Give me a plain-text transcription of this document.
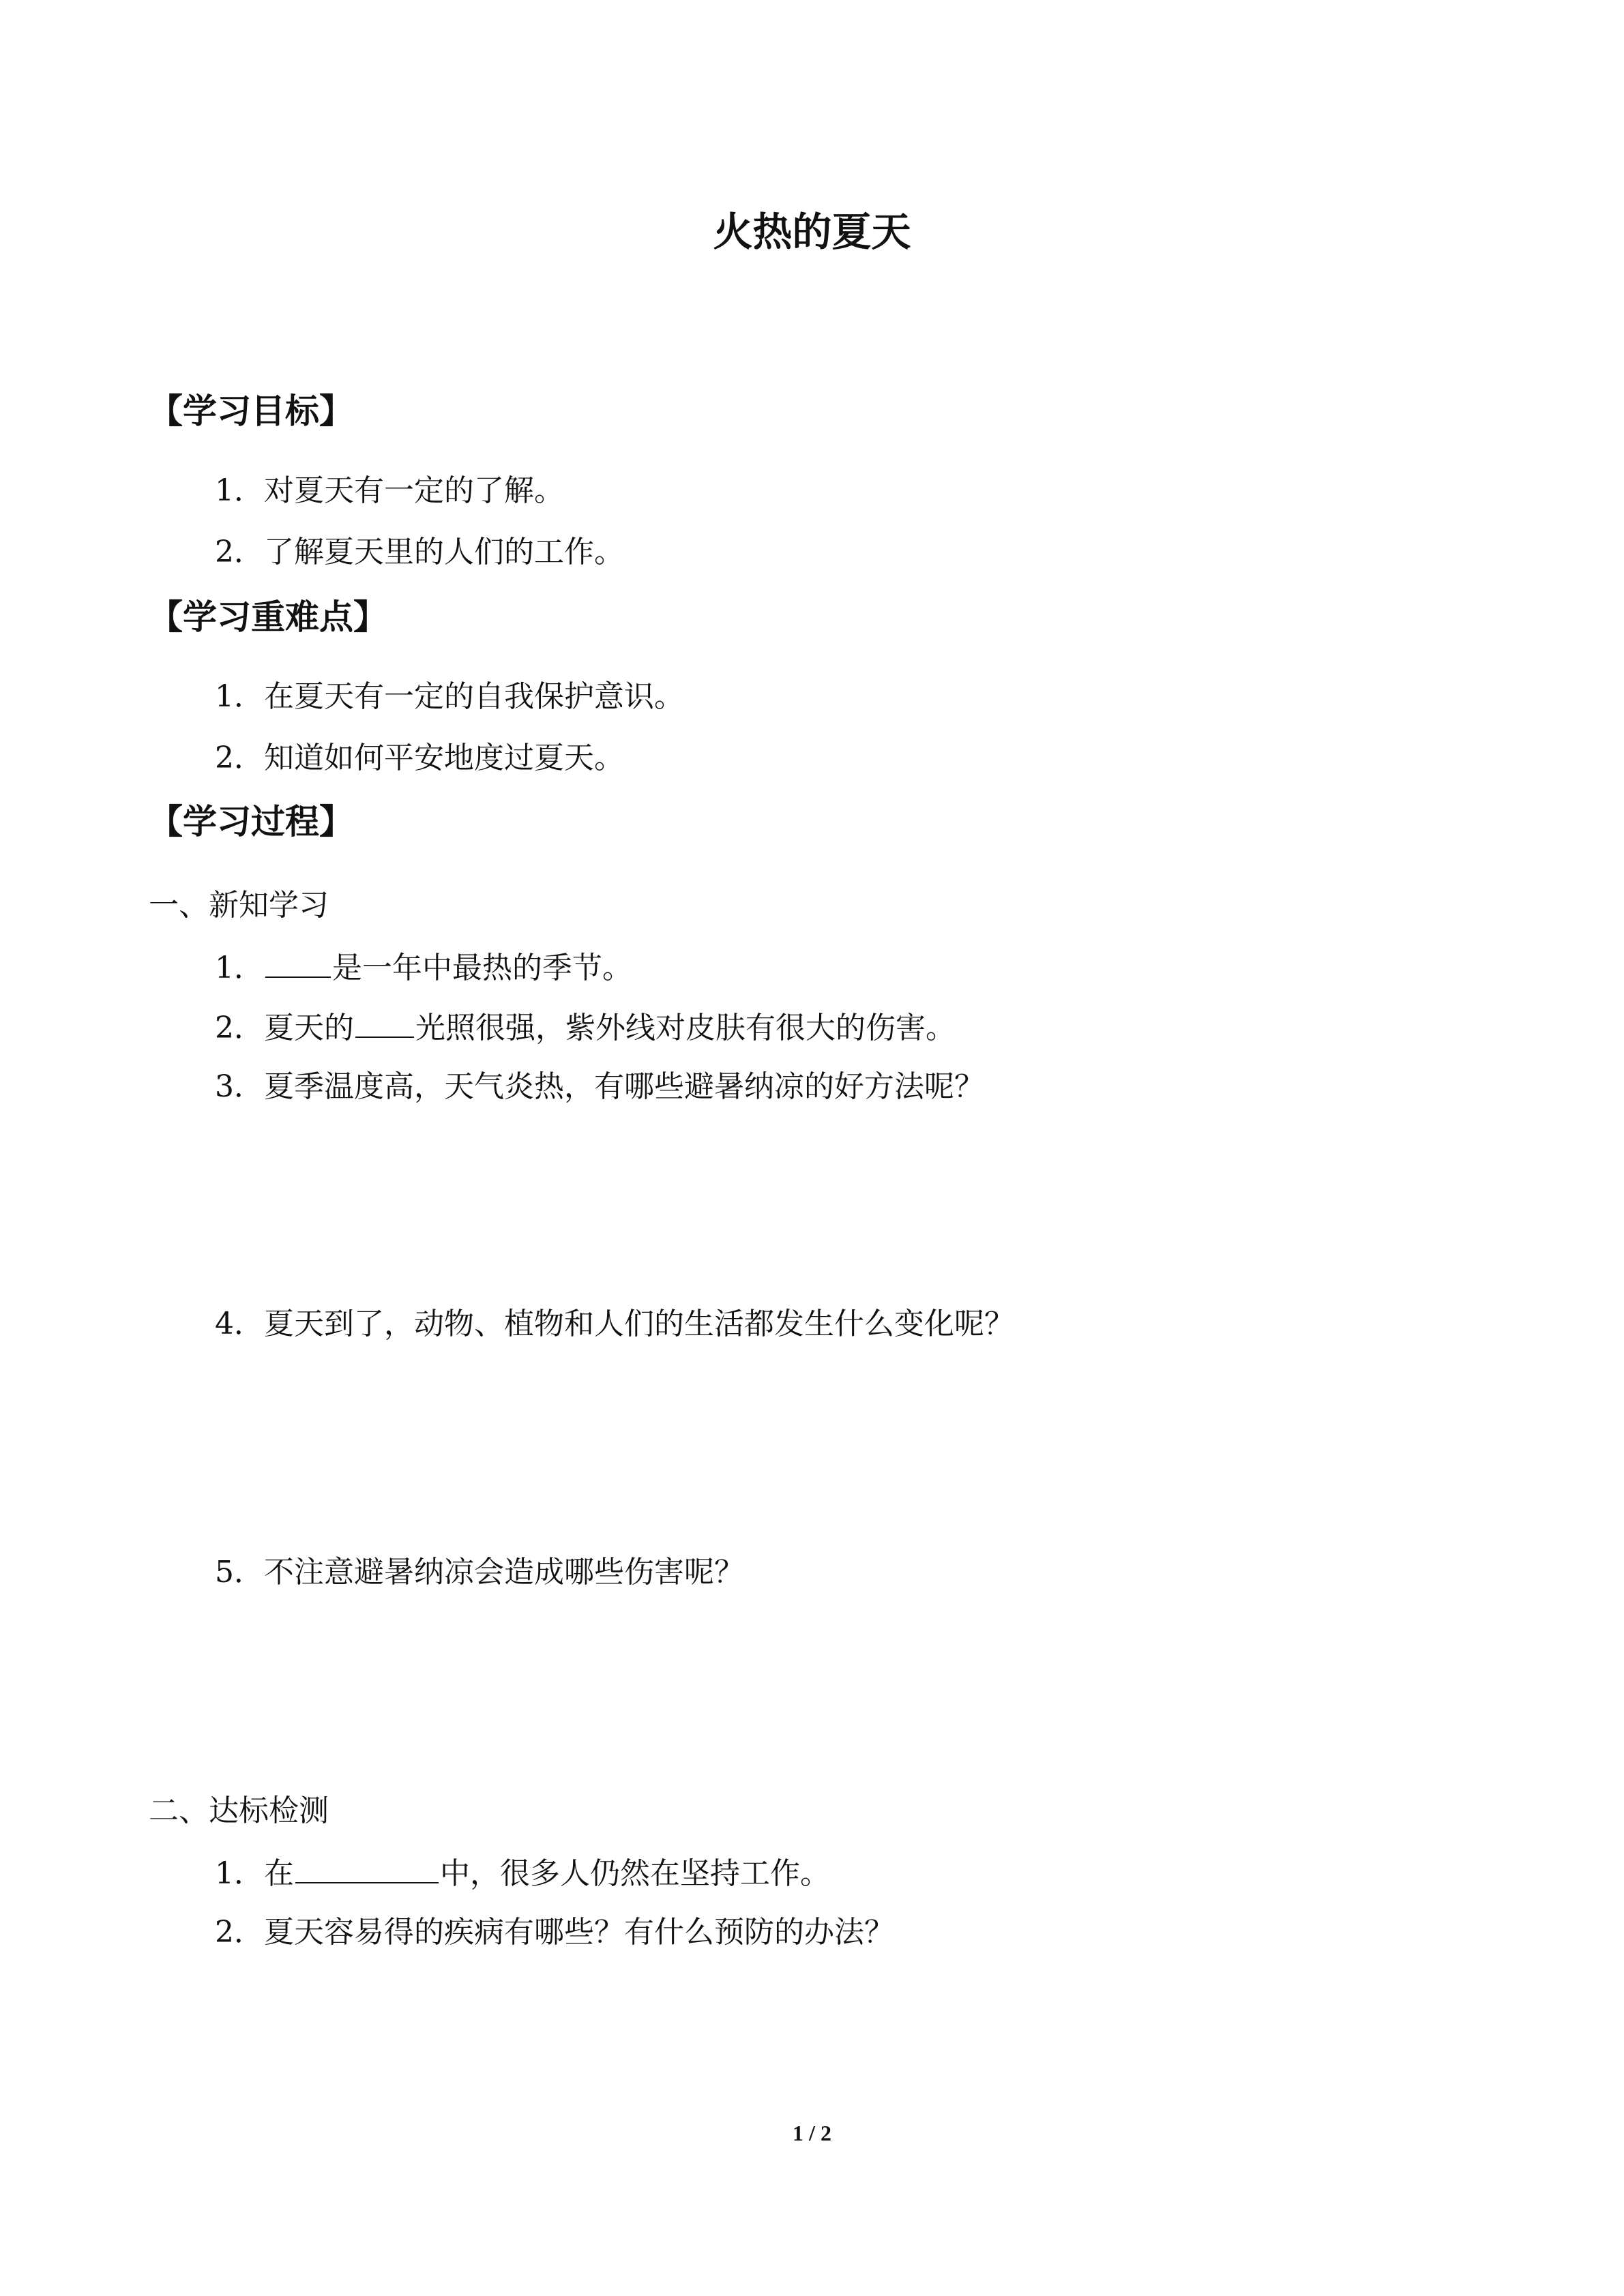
火热的夏天
【学习目标】
1．对夏天有一定的了解。
2．了解夏天里的人们的工作。
【学习重难点】
1．在夏天有一定的自我保护意识。
2．知道如何平安地度过夏天。
【学习过程】
一、新知学习
1． 是一年中最热的季节。
2．夏天的 光照很强，紫外线对皮肤有很大的伤害。
3．夏季温度高，天气炎热，有哪些避暑纳凉的好方法呢？
4．夏天到了，动物、植物和人们的生活都发生什么变化呢？
5．不注意避暑纳凉会造成哪些伤害呢？
二、达标检测
1．在	中，很多人仍然在坚持工作。
2．夏天容易得的疾病有哪些？有什么预防的办法？
1 / 2
